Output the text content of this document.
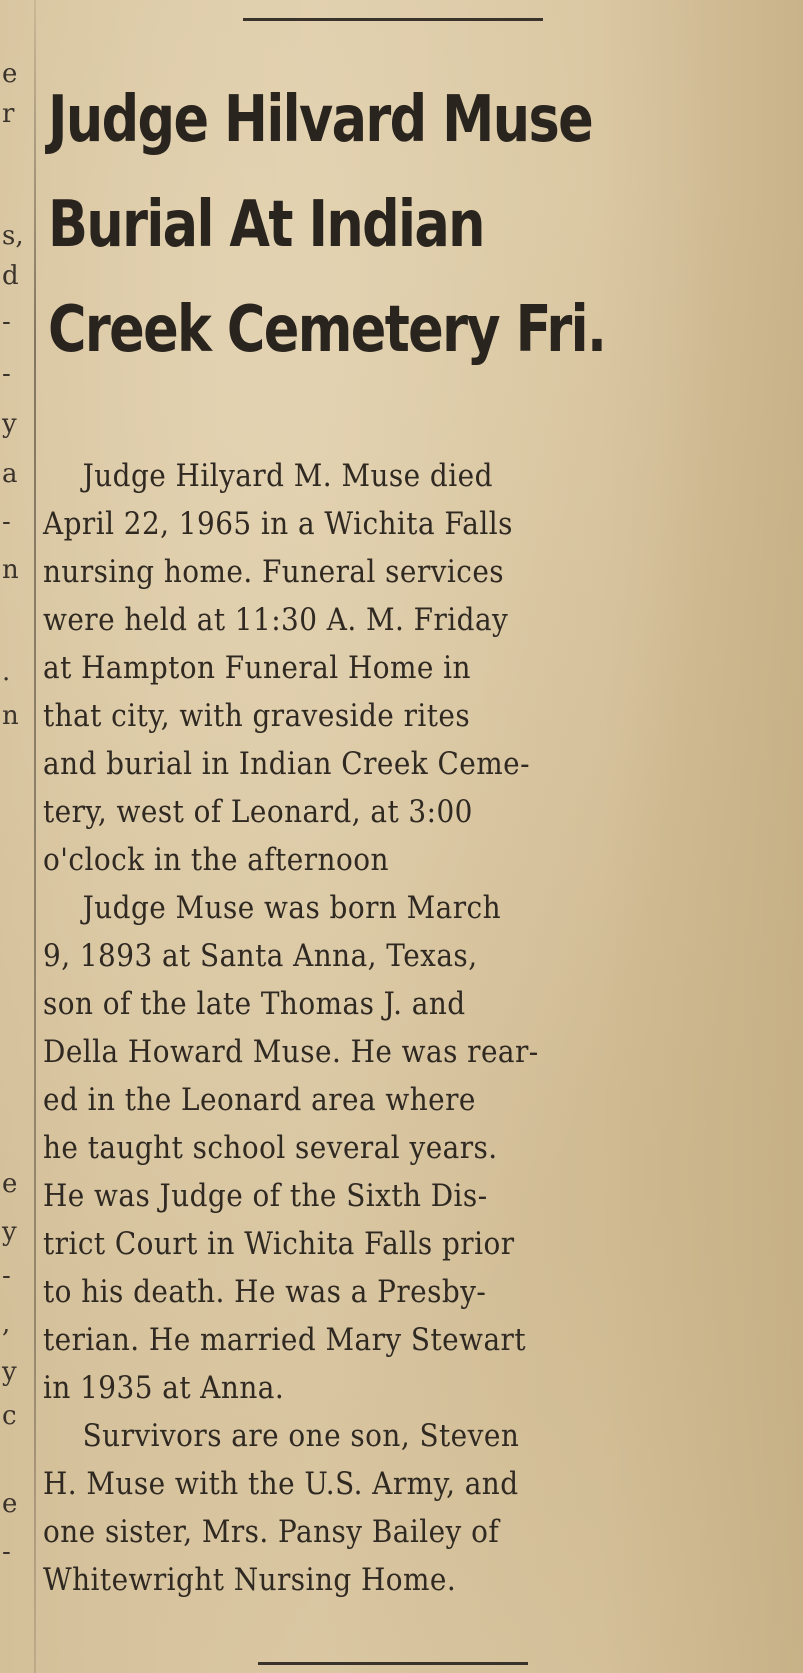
e
r
s,
d
-
-
y
a
-
n
.
n
e
y
-
,
y
c
e
-
Judge Hilvard Muse
Burial At Indian
Creek Cemetery Fri.
Judge Hilyard M. Muse died
April 22, 1965 in a Wichita Falls
nursing home. Funeral services
were held at 11:30 A. M. Friday
at Hampton Funeral Home in
that city, with graveside rites
and burial in Indian Creek Ceme-
tery, west of Leonard, at 3:00
o'clock in the afternoon
Judge Muse was born March
9, 1893 at Santa Anna, Texas,
son of the late Thomas J. and
Della Howard Muse. He was rear-
ed in the Leonard area where
he taught school several years.
He was Judge of the Sixth Dis-
trict Court in Wichita Falls prior
to his death. He was a Presby-
terian. He married Mary Stewart
in 1935 at Anna.
Survivors are one son, Steven
H. Muse with the U.S. Army, and
one sister, Mrs. Pansy Bailey of
Whitewright Nursing Home.
